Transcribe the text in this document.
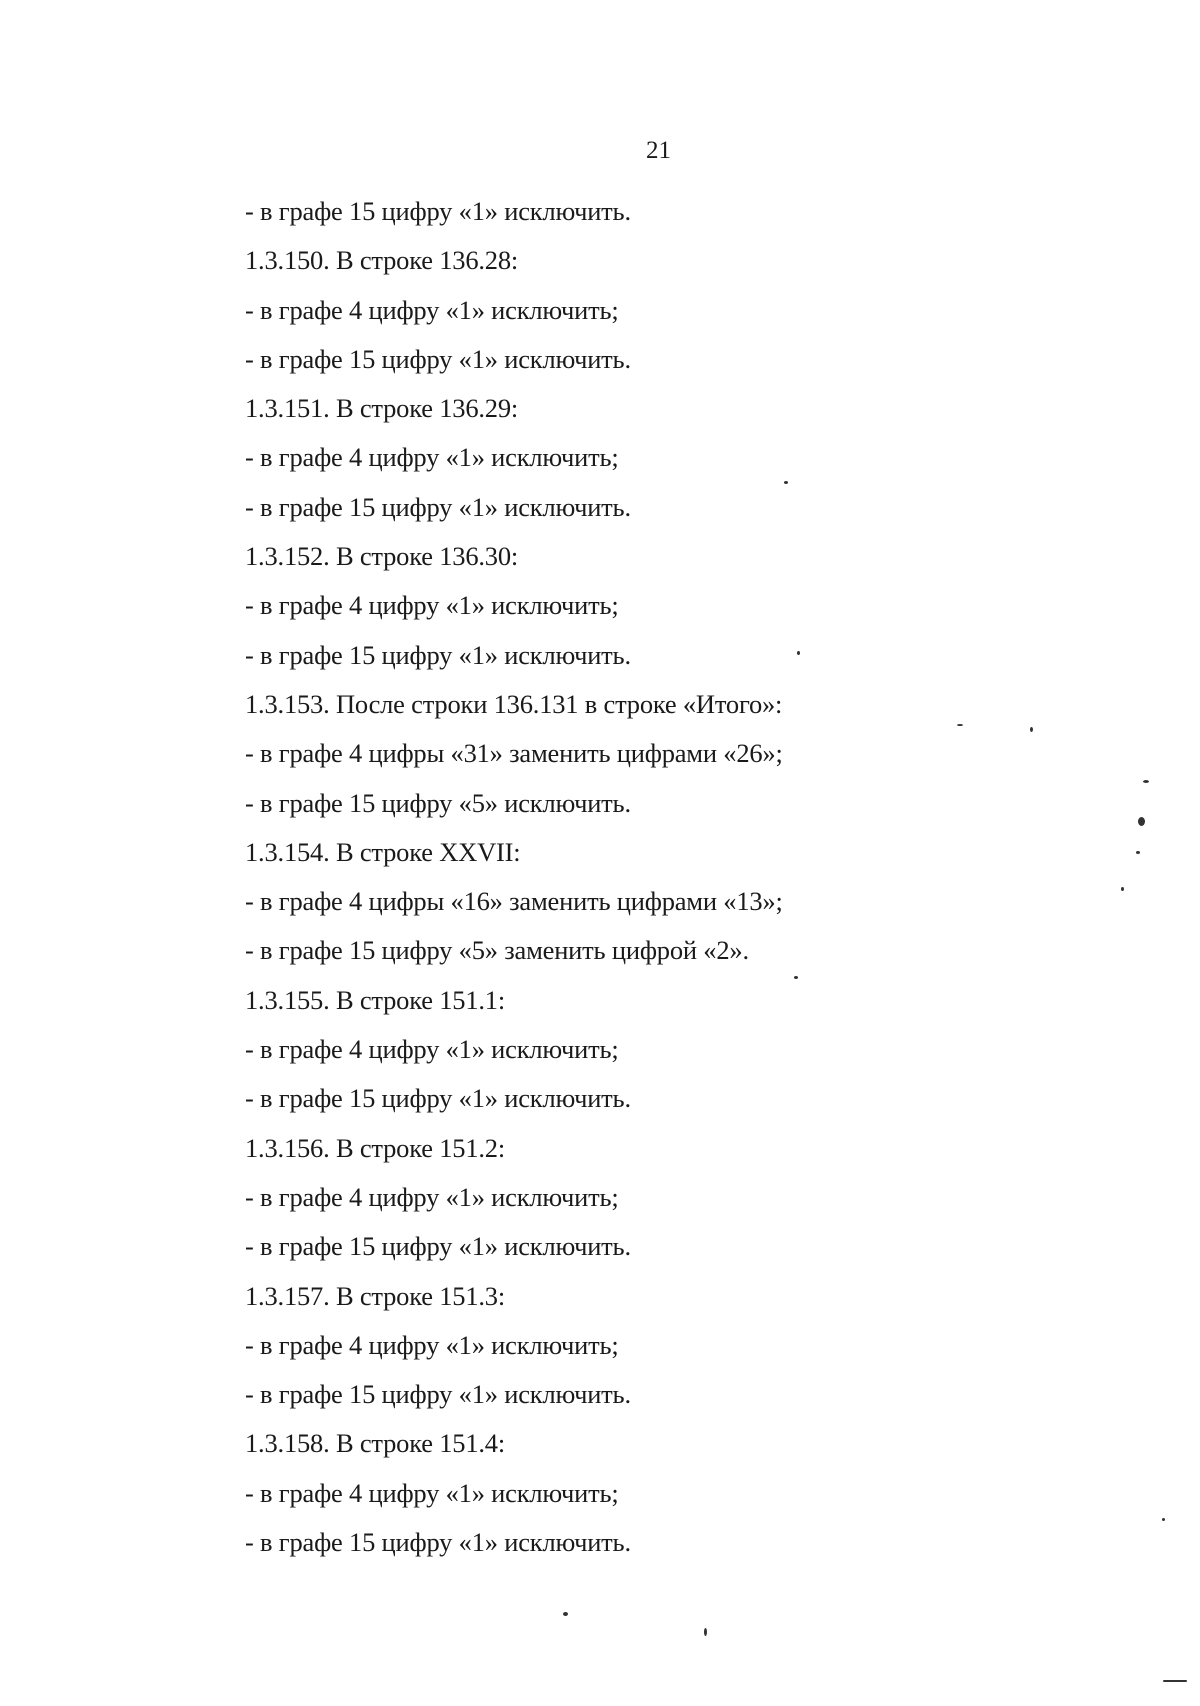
21
- в графе 15 цифру «1» исключить.
1.3.150. В строке 136.28:
- в графе 4 цифру «1» исключить;
- в графе 15 цифру «1» исключить.
1.3.151. В строке 136.29:
- в графе 4 цифру «1» исключить;
- в графе 15 цифру «1» исключить.
1.3.152. В строке 136.30:
- в графе 4 цифру «1» исключить;
- в графе 15 цифру «1» исключить.
1.3.153. После строки 136.131 в строке «Итого»:
- в графе 4 цифры «31» заменить цифрами «26»;
- в графе 15 цифру «5» исключить.
1.3.154. В строке XXVII:
- в графе 4 цифры «16» заменить цифрами «13»;
- в графе 15 цифру «5» заменить цифрой «2».
1.3.155. В строке 151.1:
- в графе 4 цифру «1» исключить;
- в графе 15 цифру «1» исключить.
1.3.156. В строке 151.2:
- в графе 4 цифру «1» исключить;
- в графе 15 цифру «1» исключить.
1.3.157. В строке 151.3:
- в графе 4 цифру «1» исключить;
- в графе 15 цифру «1» исключить.
1.3.158. В строке 151.4:
- в графе 4 цифру «1» исключить;
- в графе 15 цифру «1» исключить.
